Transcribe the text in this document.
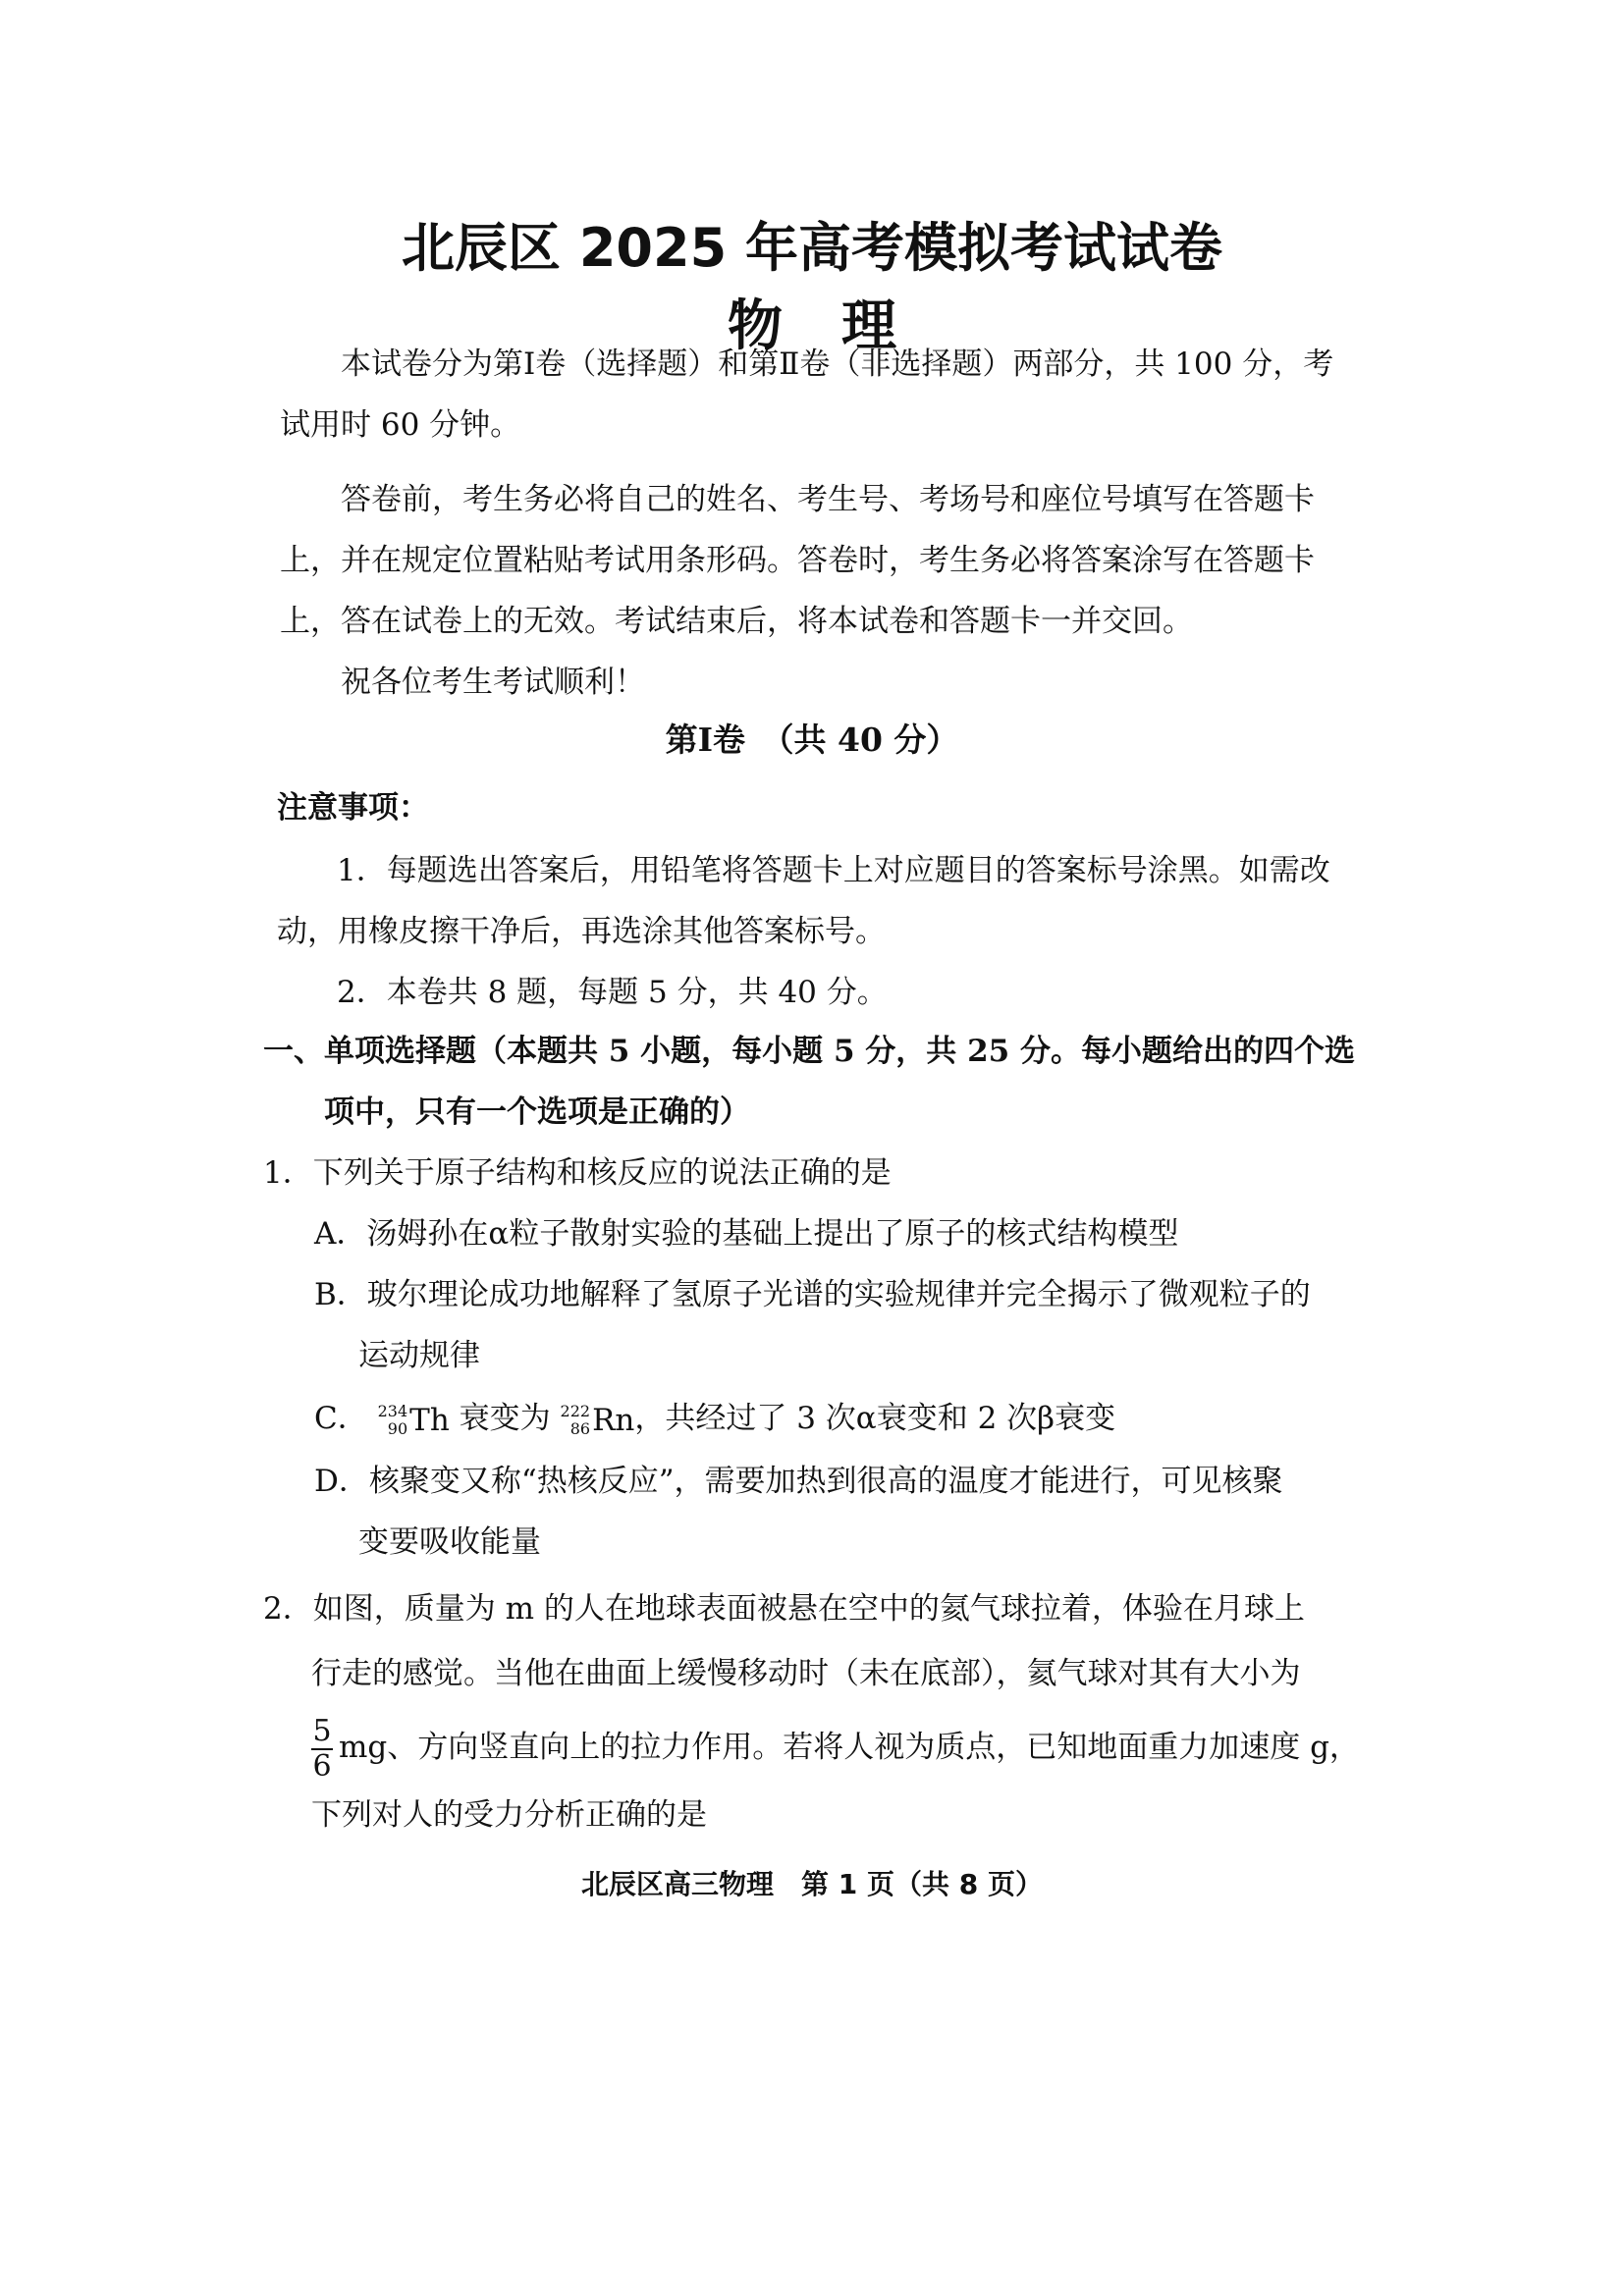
北辰区 2025 年高考模拟考试试卷
物理
本试卷分为第Ⅰ卷（选择题）和第Ⅱ卷（非选择题）两部分，共 100 分，考
试用时 60 分钟。
答卷前，考生务必将自己的姓名、考生号、考场号和座位号填写在答题卡
上，并在规定位置粘贴考试用条形码。答卷时，考生务必将答案涂写在答题卡
上，答在试卷上的无效。考试结束后，将本试卷和答题卡一并交回。
祝各位考生考试顺利！
第Ⅰ卷　（共 40 分）
注意事项：
1．每题选出答案后，用铅笔将答题卡上对应题目的答案标号涂黑。如需改
动，用橡皮擦干净后，再选涂其他答案标号。
2．本卷共 8 题，每题 5 分，共 40 分。
一、单项选择题（本题共 5 小题，每小题 5 分，共 25 分。每小题给出的四个选
项中，只有一个选项是正确的）
1．下列关于原子结构和核反应的说法正确的是
A．汤姆孙在α粒子散射实验的基础上提出了原子的核式结构模型
B．玻尔理论成功地解释了氢原子光谱的实验规律并完全揭示了微观粒子的
运动规律
C． 234
90 Th 衰变为 222
86 Rn ，共经过了 3 次α衰变和 2 次β衰变
D．核聚变又称“热核反应”，需要加热到很高的温度才能进行，可见核聚
变要吸收能量
2．如图，质量为 m 的人在地球表面被悬在空中的氦气球拉着，体验在月球上
行走的感觉。当他在曲面上缓慢移动时（未在底部），氦气球对其有大小为
$\frac{5}{6}$ mg、方向竖直向上的拉力作用。若将人视为质点，已知地面重力加速度 g，
下列对人的受力分析正确的是
北辰区高三物理　第 1 页（共 8 页）
